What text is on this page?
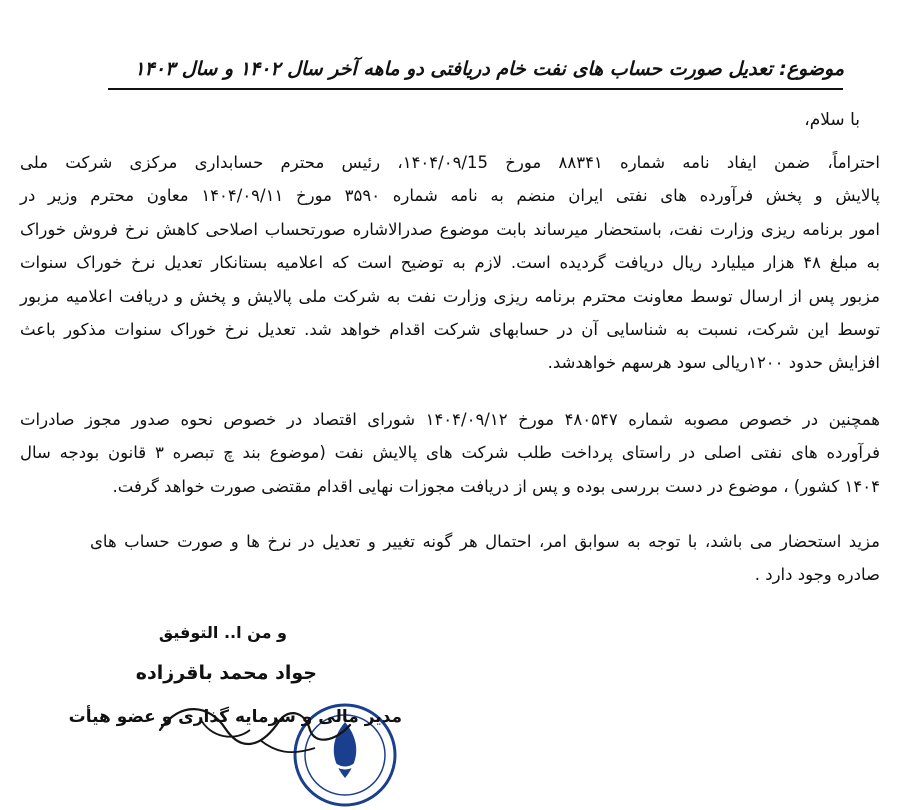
موضوع: تعدیل صورت حساب های نفت خام دریافتی دو ماهه آخر سال ۱۴۰۲ و سال ۱۴۰۳
با سلام،
احتراماً، ضمن ایفاد نامه شماره ۸۸۳۴۱ مورخ ۱۴۰۴/۰۹/15، رئیس محترم حسابداری مرکزی شرکت ملی
پالایش و پخش فرآورده های نفتی ایران منضم به نامه شماره ۳۵۹۰ مورخ ۱۴۰۴/۰۹/۱۱ معاون محترم وزیر در
امور برنامه ریزی وزارت نفت، باستحضار میرساند بابت موضوع صدرالاشاره صورتحساب اصلاحی کاهش نرخ فروش خوراک
به مبلغ ۴۸ هزار میلیارد ریال دریافت گردیده است. لازم به توضیح است که اعلامیه بستانکار تعدیل نرخ خوراک سنوات
مزبور پس از ارسال توسط معاونت محترم برنامه ریزی وزارت نفت به شرکت ملی پالایش و پخش و دریافت اعلامیه مزبور
توسط این شرکت، نسبت به شناسایی آن در حسابهای شرکت اقدام خواهد شد. تعدیل نرخ خوراک سنوات مذکور باعث
افزایش حدود ۱۲۰۰ریالی سود هرسهم خواهدشد.
همچنین در خصوص مصوبه شماره ۴۸۰۵۴۷ مورخ ۱۴۰۴/۰۹/۱۲ شورای اقتصاد در خصوص نحوه صدور مجوز صادرات
فرآورده های نفتی اصلی در راستای پرداخت طلب شرکت های پالایش نفت (موضوع بند چ تبصره ۳ قانون بودجه سال
۱۴۰۴ کشور) ، موضوع در دست بررسی بوده و پس از دریافت مجوزات نهایی اقدام مقتضی صورت خواهد گرفت.
مزید استحضار می باشد، با توجه به سوابق امر، احتمال هر گونه تغییر و تعدیل در نرخ ها و صورت حساب های
صادره وجود دارد .
و من ا.. التوفیق
جواد محمد باقرزاده
مدیر مالی و سرمایه گذاری و عضو هیأت
